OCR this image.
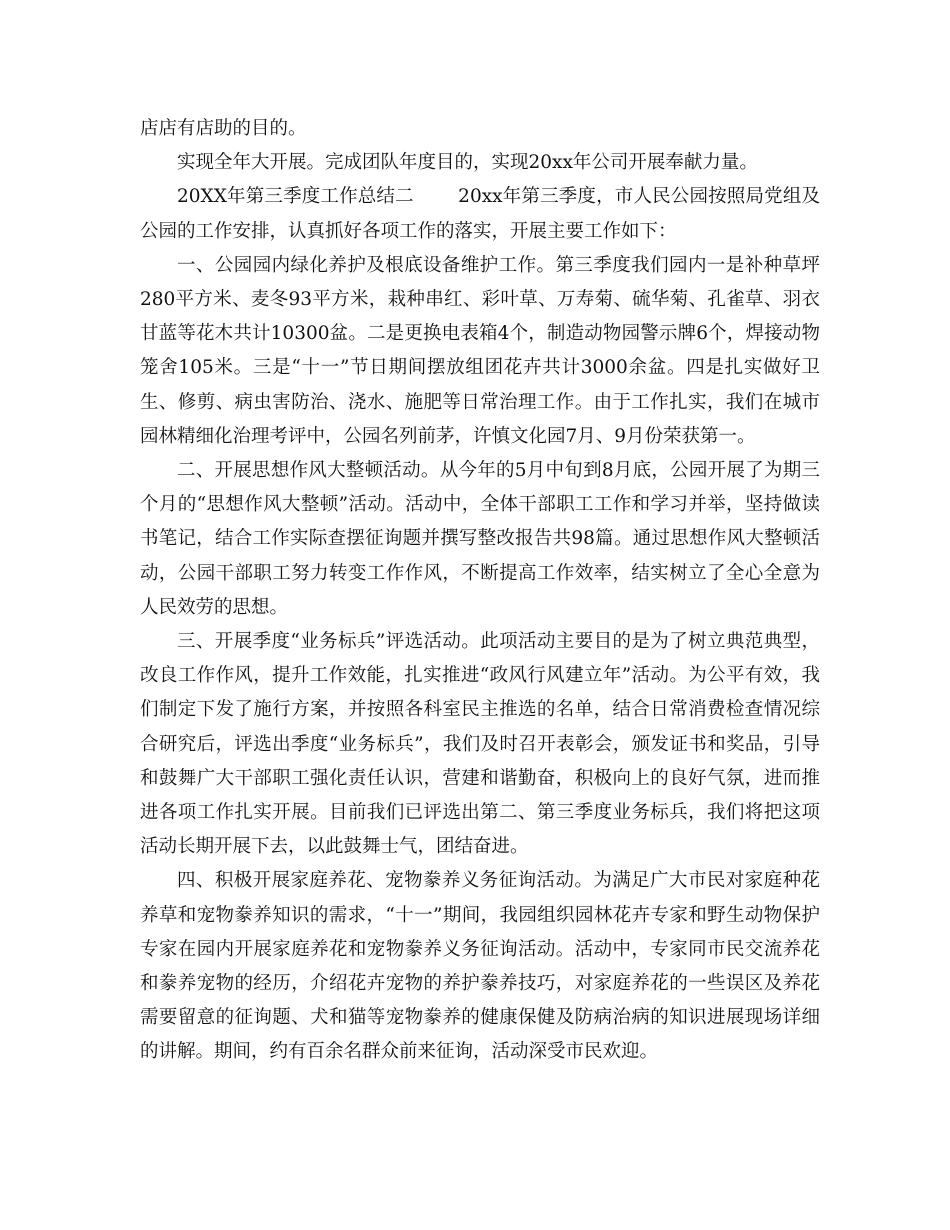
店店有店助的目的。

实现全年大开展。完成团队年度目的，实现20xx年公司开展奉献力量。

20XX年第三季度工作总结二 20xx年第三季度，市人民公园按照局党组及公园的工作安排，认真抓好各项工作的落实，开展主要工作如下：

一、公园园内绿化养护及根底设备维护工作。第三季度我们园内一是补种草坪280平方米、麦冬93平方米，栽种串红、彩叶草、万寿菊、硫华菊、孔雀草、羽衣甘蓝等花木共计10300盆。二是更换电表箱4个，制造动物园警示牌6个，焊接动物笼舍105米。三是“十一”节日期间摆放组团花卉共计3000余盆。四是扎实做好卫生、修剪、病虫害防治、浇水、施肥等日常治理工作。由于工作扎实，我们在城市园林精细化治理考评中，公园名列前茅，许慎文化园7月、9月份荣获第一。

二、开展思想作风大整顿活动。从今年的5月中旬到8月底，公园开展了为期三个月的“思想作风大整顿”活动。活动中，全体干部职工工作和学习并举，坚持做读书笔记，结合工作实际查摆征询题并撰写整改报告共98篇。通过思想作风大整顿活动，公园干部职工努力转变工作作风，不断提高工作效率，结实树立了全心全意为人民效劳的思想。

三、开展季度“业务标兵”评选活动。此项活动主要目的是为了树立典范典型，改良工作作风，提升工作效能，扎实推进“政风行风建立年”活动。为公平有效，我们制定下发了施行方案，并按照各科室民主推选的名单，结合日常消费检查情况综合研究后，评选出季度“业务标兵”，我们及时召开表彰会，颁发证书和奖品，引导和鼓舞广大干部职工强化责任认识，营建和谐勤奋，积极向上的良好气氛，进而推进各项工作扎实开展。目前我们已评选出第二、第三季度业务标兵，我们将把这项活动长期开展下去，以此鼓舞士气，团结奋进。

四、积极开展家庭养花、宠物豢养义务征询活动。为满足广大市民对家庭种花养草和宠物豢养知识的需求，“十一”期间，我园组织园林花卉专家和野生动物保护专家在园内开展家庭养花和宠物豢养义务征询活动。活动中，专家同市民交流养花和豢养宠物的经历，介绍花卉宠物的养护豢养技巧，对家庭养花的一些误区及养花需要留意的征询题、犬和猫等宠物豢养的健康保健及防病治病的知识进展现场详细的讲解。期间，约有百余名群众前来征询，活动深受市民欢迎。
